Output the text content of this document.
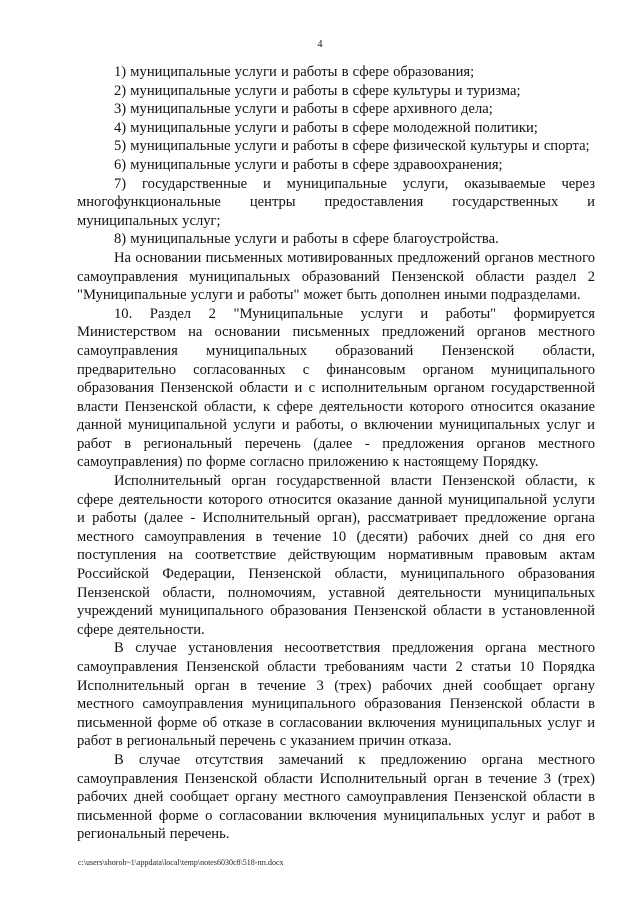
4

1) муниципальные услуги и работы в сфере образования;

2) муниципальные услуги и работы в сфере культуры и туризма;

3) муниципальные услуги и работы в сфере архивного дела;

4) муниципальные услуги и работы в сфере молодежной политики;

5) муниципальные услуги и работы в сфере физической культуры и спорта;

6) муниципальные услуги и работы в сфере здравоохранения;

7) государственные и муниципальные услуги, оказываемые через многофункциональные центры предоставления государственных и муниципальных услуг;

8) муниципальные услуги и работы в сфере благоустройства.

На основании письменных мотивированных предложений органов местного самоуправления муниципальных образований Пензенской области раздел 2 "Муниципальные услуги и работы" может быть дополнен иными подразделами.

10. Раздел 2 "Муниципальные услуги и работы" формируется Министерством на основании письменных предложений органов местного самоуправления муниципальных образований Пензенской области, предварительно согласованных с финансовым органом муниципального образования Пензенской области и с исполнительным органом государственной власти Пензенской области, к сфере деятельности которого относится оказание данной муниципальной услуги и работы, о включении муниципальных услуг и работ в региональный перечень (далее - предложения органов местного самоуправления) по форме согласно приложению к настоящему Порядку.

Исполнительный орган государственной власти Пензенской области, к сфере деятельности которого относится оказание данной муниципальной услуги и работы (далее - Исполнительный орган), рассматривает предложение органа местного самоуправления в течение 10 (десяти) рабочих дней со дня его поступления на соответствие действующим нормативным правовым актам Российской Федерации, Пензенской области, муниципального образования Пензенской области, полномочиям, уставной деятельности муниципальных учреждений муниципального образования Пензенской области в установленной сфере деятельности.

В случае установления несоответствия предложения органа местного самоуправления Пензенской области требованиям части 2 статьи 10 Порядка Исполнительный орган в течение 3 (трех) рабочих дней сообщает органу местного самоуправления муниципального образования Пензенской области в письменной форме об отказе в согласовании включения муниципальных услуг и работ в региональный перечень с указанием причин отказа.

В случае отсутствия замечаний к предложению органа местного самоуправления Пензенской области Исполнительный орган в течение 3 (трех) рабочих дней сообщает органу местного самоуправления Пензенской области в письменной форме о согласовании включения муниципальных услуг и работ в региональный перечень.

c:\users\shorob~1\appdata\local\temp\notes6030c8\518-пп.docx
